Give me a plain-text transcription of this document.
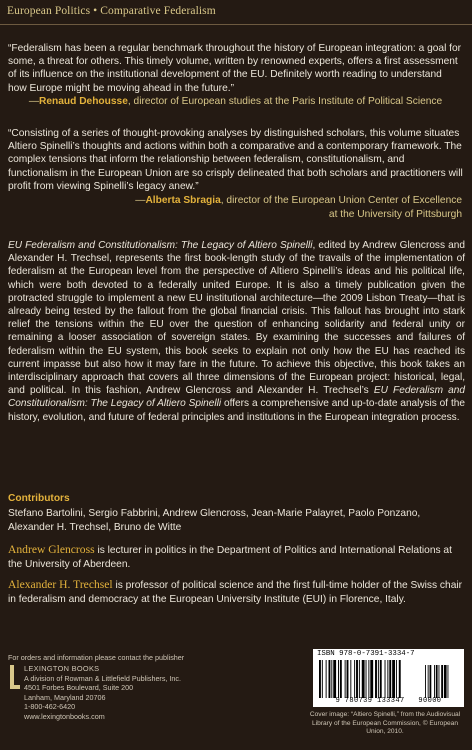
European Politics • Comparative Federalism
“Federalism has been a regular benchmark throughout the history of European integration: a goal for some, a threat for others. This timely volume, written by renowned experts, offers a first assessment of its influence on the institutional development of the EU. Definitely worth reading to understand how Europe might be moving ahead in the future.”
—Renaud Dehousse, director of European studies at the Paris Institute of Political Science
“Consisting of a series of thought-provoking analyses by distinguished scholars, this volume situates Altiero Spinelli’s thoughts and actions within both a comparative and a contemporary framework. The complex tensions that inform the relationship between federalism, constitutionalism, and functionalism in the European Union are so crisply delineated that both scholars and practitioners will profit from viewing Spinelli’s legacy anew.”
—Alberta Sbragia, director of the European Union Center of Excellence at the University of Pittsburgh
EU Federalism and Constitutionalism: The Legacy of Altiero Spinelli, edited by Andrew Glencross and Alexander H. Trechsel, represents the first book-length study of the travails of the implementation of federalism at the European level from the perspective of Altiero Spinelli’s ideas and his political life, which were both devoted to a federally united Europe. It is also a timely publication given the protracted struggle to implement a new EU institutional architecture—the 2009 Lisbon Treaty—that is already being tested by the fallout from the global financial crisis. This fallout has brought into stark relief the tensions within the EU over the question of enhancing solidarity and federal unity or remaining a looser association of sovereign states. By examining the successes and failures of federalism within the EU system, this book seeks to explain not only how the EU has reached its current impasse but also how it may fare in the future. To achieve this objective, this book takes an interdisciplinary approach that covers all three dimensions of the European project: historical, legal, and political. In this fashion, Andrew Glencross and Alexander H. Trechsel’s EU Federalism and Constitutionalism: The Legacy of Altiero Spinelli offers a comprehensive and up-to-date analysis of the history, evolution, and future of federal principles and institutions in the European integration process.
Contributors
Stefano Bartolini, Sergio Fabbrini, Andrew Glencross, Jean-Marie Palayret, Paolo Ponzano, Alexander H. Trechsel, Bruno de Witte
Andrew Glencross is lecturer in politics in the Department of Politics and International Relations at the University of Aberdeen.
Alexander H. Trechsel is professor of political science and the first full-time holder of the Swiss chair in federalism and democracy at the European University Institute (EUI) in Florence, Italy.
For orders and information please contact the publisher
LEXINGTON BOOKS
A division of Rowman & Littlefield Publishers, Inc.
4501 Forbes Boulevard, Suite 200
Lanham, Maryland 20706
1-800-462-6420
www.lexingtonbooks.com
ISBN 978-0-7391-3334-7
9 780739 133347 90000
Cover image: “Altiero Spinelli,” from the Audiovisual Library of the European Commission, © European Union, 2010.
